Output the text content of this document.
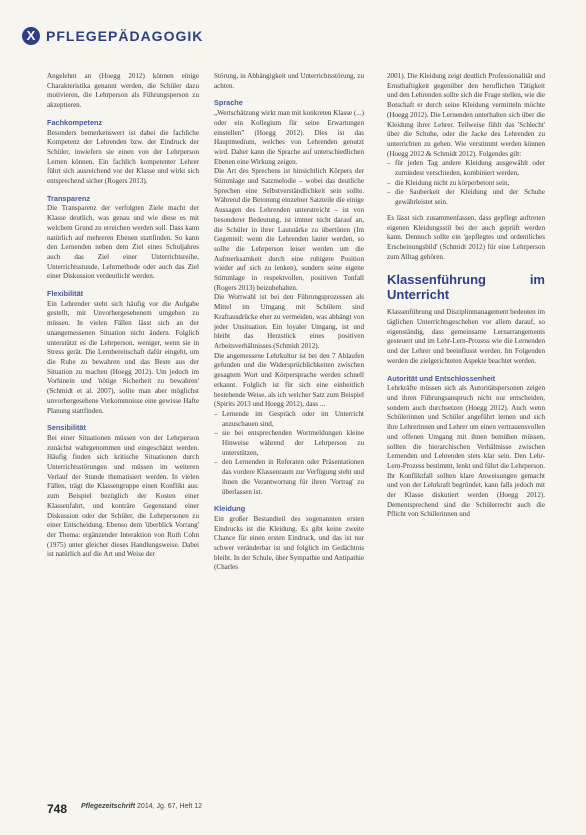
X PFLEGEPÄDAGOGIK

Angelehnt an (Hoegg 2012) können einige Charakteristika genannt werden, die Schüler dazu motivieren, die Lehrperson als Führungsperson zu akzeptieren.

Fachkompetenz

Besonders bemerkenswert ist dabei die fachliche Kompetenz der Lehrenden bzw. der Eindruck der Schüler, inwiefern sie einen von der Lehrperson Lernen können. Ein fachlich kompetenter Lehrer führt sich ausreichend vor der Klasse und wirkt sich entsprechend sicher (Rogers 2013).

Transparenz

Die Transparenz der verfolgten Ziele macht der Klasse deutlich, was genau und wie diese es mit welchem Grund zu erreichen werden soll. Dass kann natürlich auf mehreren Ebenen stattfinden. So kann den Lernenden neben dem Ziel eines Schuljahres auch das Ziel einer Unterrichtsreihe, Unterrichtsstunde, Lehrmethode oder auch das Ziel einer Diskussion verdeutlicht werden.

Flexibilität

Ein Lehrender steht sich häufig vor die Aufgabe gestellt, mit Unvorhergesehenem umgehen zu müssen. In vielen Fällen lässt sich an der unangemessenen Situation nicht ändern. Folglich unterstützt es die Lehrperson, weniger, wenn sie in Stress gerät. Die Lernbereitschaft dafür eingeht, um die Ruhe zu bewahren und das Beste aus der Situation zu machen (Hoegg 2012). Um jedoch im Vorhinein und 'nötige Sicherheit zu bewahren' (Schmidt et al. 2007), sollte man aber möglichst unvorhergesehene Vorkommnisse eine gewisse Hafte Planung stattfinden.

Sensibilität

Bei einer Situationen müssen von der Lehrperson zunächst wahrgenommen und eingeschätzt werden. Häufig finden sich kritische Situationen durch Unterrichtsstörungen und müssen im weiteren Verlauf der Stunde thematisiert werden. In vielen Fällen, trägt die Klassengruppe einen Konflikt aus: zum Beispiel bezüglich der Kosten einer Klassenfahrt, und konträre Gegenstand einer Diskussion oder der Schüler, die Lehrpersonen zu einer Entscheidung. Ebenso dem 'überblick Vorrang' der Thema: ergänzender Interaktion von Ruth Cohn (1975) unter gleicher dieses Handlungsweise. Dabei ist natürlich auf die Art und Weise der

Störung, in Abhängigkeit und Unterrichtsstörung, zu achten.

Sprache

„Wertschätzung wirkt man mit konkreten Klasse (...) oder ein Kollegium für seine Erwartungen einstellen” (Hoegg 2012). Dies ist das Hauptmedium, welches von Lehrenden genutzt wird. Daher kann die Sprache auf unterschiedlichen Ebenen eine Wirkung zeigen.

Die Art des Sprechens ist hinsichtlich Körpers der Stimmlage und Satzmelodie – wobei das deutliche Sprechen eine Selbstverständlichkeit sein sollte. Während die Betonung einzelner Satzteile die einige Aussagen des Lehrenden unterstreicht – ist von besonderer Bedeutung, ist immer nicht darauf an, die Schüler in ihrer Lautstärke zu übertönen (Im Gegenteil: wenn die Lehrenden lauter werden, so sollte die Lehrperson leiser werden um die Aufmerksamkeit durch eine ruhigere Position wieder auf sich zu lenken), sondern seine eigene Stimmlage in respektvollen, positiven Tonfall (Rogers 2013) beizubehalten.

Die Wortwahl ist bei den Führungsprozessen als Mittel im Umgang mit Schülern sind Kraftausdrücke eher zu vermeiden, was abhängt von jeder Unsituation. Ein loyaler Umgang, ist und bleibt das Herzstück eines positiven Arbeitsverhältnisses (Schmidt 2012).

Die angemessene Lehrkultur ist bei den 7 Ablaufen gefunden und die Widersprüchlichkeiten zwischen gesagtem Wort und Körpersprache werden schnell erkannt. Folglich ist für sich eine einheitlich bestehende Weise, als ich welcher Satz zum Beispiel (Spirits 2013 und Hoegg 2012), dass ...

– Lernende im Gespräch oder im Unterricht anzuschauen sind,
– sie bei entsprechenden Wortmeldungen kleine Hinweise während der Lehrperson zu unterstützen,
– den Lernenden in Referaten oder Präsentationen das vordere Klassenraum zur Verfügung steht und ihnen die Verantwortung für ihren 'Vortrag' zu überlassen ist.
Kleidung

Ein großer Bestandteil des sogenannten ersten Eindrucks ist die Kleidung. Es gibt keine zweite Chance für einen ersten Eindruck, und das ist nur schwer veränderbar ist und folglich im Gedächtnis bleibt. In der Schule, über Sympathie und Antipathie (Charles

2001). Die Kleidung zeigt deutlich Professionalität und Ernsthaftigkeit gegenüber den beruflichen Tätigkeit und den Lehrenden sollte sich die Frage stellen, wie die Botschaft er durch seine Kleidung vermitteln möchte (Hoegg 2012). Die Lernenden unterhalten sich über die Kleidung ihrer Lehrer. Teilweise fühlt das 'Schlecht' über die Schuhe, oder die Jacke des Lehrenden zu unterrichten zu gehen. Wie verstimmt werden können (Hoegg 2012 & Schmidt 2012). Folgendes gilt:

– für jeden Tag andere Kleidung ausgewählt oder zumindest verschieden, kombiniert werden,
– die Kleidung nicht zu körperbetont sein,
– die Sauberkeit der Kleidung und der Schuhe gewährleistet sein.

Es lässt sich zusammenfassen, dass gepflegt auftreten eigenen Kleidungsstil bei der auch geprüft werden kann. Dennoch sollte ein 'gepflegtes und ordentliches Erscheinungsbild' (Schmidt 2012) für eine Lehrperson zum Alltag gehören.

Klassenführung im Unterricht

Klassenführung und Disziplinmanagement bedeuten im täglichen Unterrichtsgeschehen vor allem darauf, so eigenständig, dass gemeinsame Lernarrangements gesteuert und im Lehr-Lern-Prozess wie die Lernenden und der Lehrer und beeinflusst werden. Im Folgenden werden die zielgerichteten Aspekte beachtet werden.

Autorität und Entschlossenheit

Lehrkräfte müssen sich als Autoritätspersonen zeigen und ihren Führungsanspruch nicht nur entscheiden, sondern auch durchsetzen (Hoegg 2012). Auch wenn Schülerinnen und Schüler angeführt lernen und sich ihre Lehrerinnen und Lehrer um einen vertrauensvollen und offenen Umgang mit ihnen bemühen müssen, sollten die hierarchischen Verhältnisse zwischen Lernenden und Lehrenden stets klar sein. Den Lehr-Lern-Prozess bestimmt, lenkt und führt die Lehrperson. Ihr Konfliktfall sollten klare Anweisungen gemacht und von der Lehrkraft begründet, kann falls jedoch mit der Klasse diskutiert werden (Hoegg 2012). Dementsprechend sind die Schülerrecht auch die Pflicht von Schülerinnen und

748 Pflegezeitschrift 2014, Jg. 67, Heft 12
